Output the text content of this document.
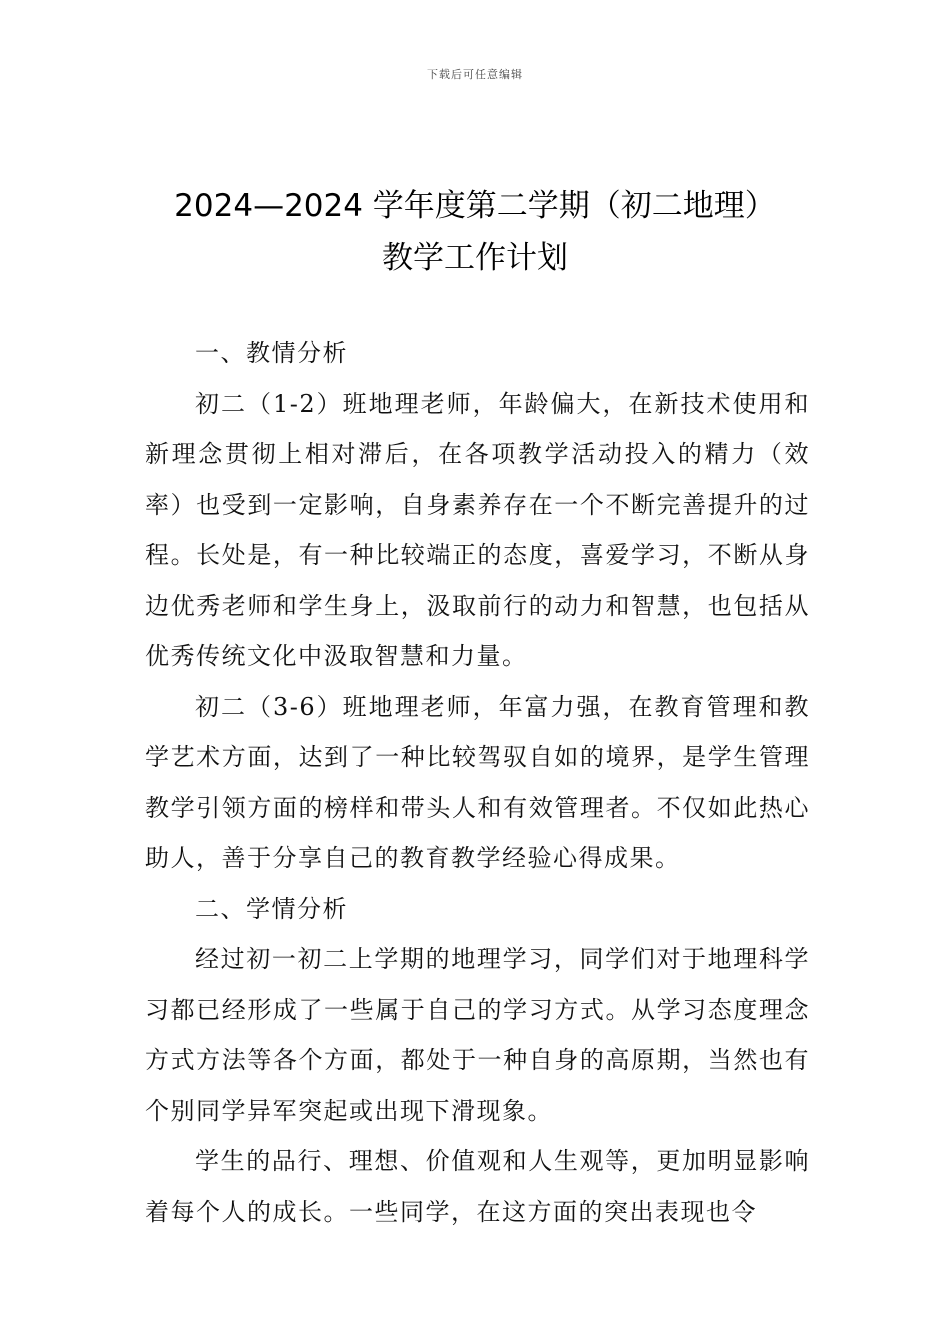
下载后可任意编辑
2024—2024 学年度第二学期（初二地理）
教学工作计划

一、教情分析

初二（1-2）班地理老师，年龄偏大，在新技术使用和新理念贯彻上相对滞后，在各项教学活动投入的精力（效率）也受到一定影响，自身素养存在一个不断完善提升的过程。长处是，有一种比较端正的态度，喜爱学习，不断从身边优秀老师和学生身上，汲取前行的动力和智慧，也包括从优秀传统文化中汲取智慧和力量。

初二（3-6）班地理老师，年富力强，在教育管理和教学艺术方面，达到了一种比较驾驭自如的境界，是学生管理教学引领方面的榜样和带头人和有效管理者。不仅如此热心助人，善于分享自己的教育教学经验心得成果。

二、学情分析

经过初一初二上学期的地理学习，同学们对于地理科学习都已经形成了一些属于自己的学习方式。从学习态度理念方式方法等各个方面，都处于一种自身的高原期，当然也有个别同学异军突起或出现下滑现象。

学生的品行、理想、价值观和人生观等，更加明显影响着每个人的成长。一些同学，在这方面的突出表现也令
